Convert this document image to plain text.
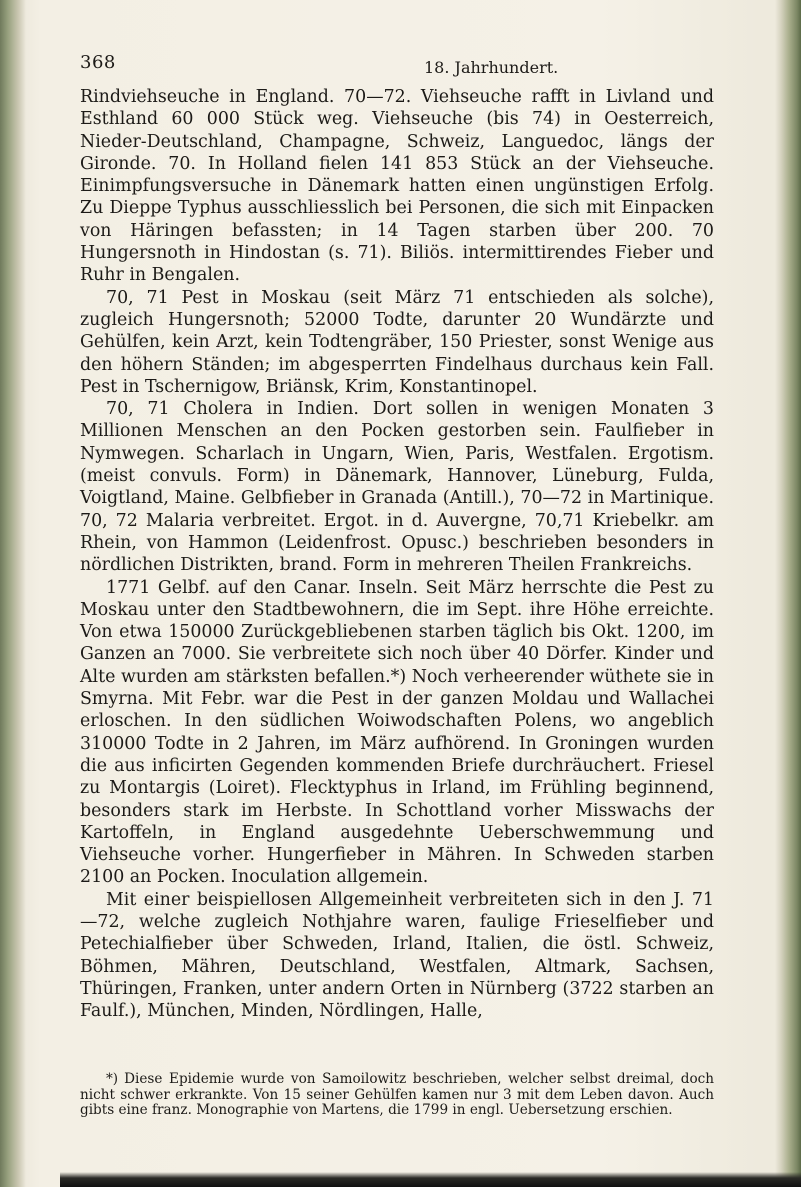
368	18. Jahrhundert.

Rindviehseuche in England. 70—72. Viehseuche rafft in Livland und Esthland 60 000 Stück weg. Viehseuche (bis 74) in Oesterreich, Nieder-Deutschland, Champagne, Schweiz, Languedoc, längs der Gironde. 70. In Holland fielen 141 853 Stück an der Viehseuche. Einimpfungsversuche in Dänemark hatten einen ungünstigen Erfolg. Zu Dieppe Typhus ausschliesslich bei Personen, die sich mit Einpacken von Häringen befassten; in 14 Tagen starben über 200. 70 Hungersnoth in Hindostan (s. 71). Biliös. intermittirendes Fieber und Ruhr in Bengalen.

70, 71 Pest in Moskau (seit März 71 entschieden als solche), zugleich Hungersnoth; 52000 Todte, darunter 20 Wundärzte und Gehülfen, kein Arzt, kein Todtengräber, 150 Priester, sonst Wenige aus den höhern Ständen; im abgesperrten Findelhaus durchaus kein Fall. Pest in Tschernigow, Briänsk, Krim, Konstantinopel.

70, 71 Cholera in Indien. Dort sollen in wenigen Monaten 3 Millionen Menschen an den Pocken gestorben sein. Faulfieber in Nymwegen. Scharlach in Ungarn, Wien, Paris, Westfalen. Ergotism. (meist convuls. Form) in Dänemark, Hannover, Lüneburg, Fulda, Voigtland, Maine. Gelbfieber in Granada (Antill.), 70—72 in Martinique. 70, 72 Malaria verbreitet. Ergot. in d. Auvergne, 70,71 Kriebelkr. am Rhein, von Hammon (Leidenfrost. Opusc.) beschrieben besonders in nördlichen Distrikten, brand. Form in mehreren Theilen Frankreichs.

1771 Gelbf. auf den Canar. Inseln. Seit März herrschte die Pest zu Moskau unter den Stadtbewohnern, die im Sept. ihre Höhe erreichte. Von etwa 150000 Zurückgebliebenen starben täglich bis Okt. 1200, im Ganzen an 7000. Sie verbreitete sich noch über 40 Dörfer. Kinder und Alte wurden am stärksten befallen.*) Noch verheerender wüthete sie in Smyrna. Mit Febr. war die Pest in der ganzen Moldau und Wallachei erloschen. In den südlichen Woiwodschaften Polens, wo angeblich 310000 Todte in 2 Jahren, im März aufhörend. In Groningen wurden die aus inficirten Gegenden kommenden Briefe durchräuchert. Friesel zu Montargis (Loiret). Flecktyphus in Irland, im Frühling beginnend, besonders stark im Herbste. In Schottland vorher Misswachs der Kartoffeln, in England ausgedehnte Ueberschwemmung und Viehseuche vorher. Hungerfieber in Mähren. In Schweden starben 2100 an Pocken. Inoculation allgemein.

Mit einer beispiellosen Allgemeinheit verbreiteten sich in den J. 71—72, welche zugleich Nothjahre waren, faulige Frieselfieber und Petechialfieber über Schweden, Irland, Italien, die östl. Schweiz, Böhmen, Mähren, Deutschland, Westfalen, Altmark, Sachsen, Thüringen, Franken, unter andern Orten in Nürnberg (3722 starben an Faulf.), München, Minden, Nördlingen, Halle,

*) Diese Epidemie wurde von Samoilowitz beschrieben, welcher selbst dreimal, doch nicht schwer erkrankte. Von 15 seiner Gehülfen kamen nur 3 mit dem Leben davon. Auch gibts eine franz. Monographie von Martens, die 1799 in engl. Uebersetzung erschien.
